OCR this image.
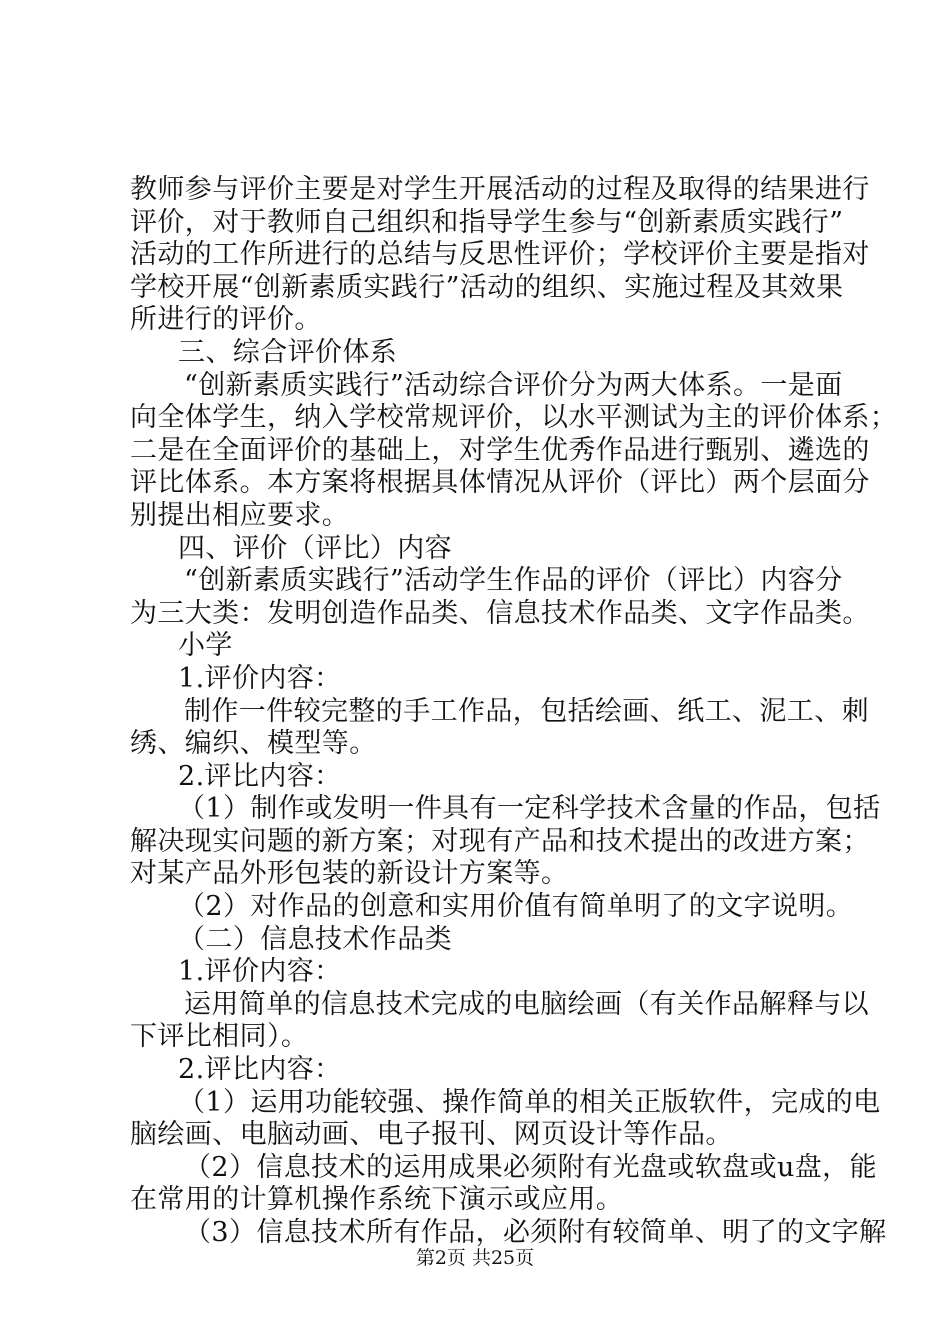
教师参与评价主要是对学生开展活动的过程及取得的结果进行

评价，对于教师自己组织和指导学生参与“创新素质实践行”

活动的工作所进行的总结与反思性评价；学校评价主要是指对

学校开展“创新素质实践行”活动的组织、实施过程及其效果

所进行的评价。

三、综合评价体系

“创新素质实践行”活动综合评价分为两大体系。一是面

向全体学生，纳入学校常规评价，以水平测试为主的评价体系；

二是在全面评价的基础上，对学生优秀作品进行甄别、遴选的

评比体系。本方案将根据具体情况从评价（评比）两个层面分

别提出相应要求。

四、评价（评比）内容

“创新素质实践行”活动学生作品的评价（评比）内容分

为三大类：发明创造作品类、信息技术作品类、文字作品类。

小学

1.评价内容：

制作一件较完整的手工作品，包括绘画、纸工、泥工、刺

绣、编织、模型等。

2.评比内容：

（1）制作或发明一件具有一定科学技术含量的作品，包括

解决现实问题的新方案；对现有产品和技术提出的改进方案；

对某产品外形包装的新设计方案等。

（2）对作品的创意和实用价值有简单明了的文字说明。

（二）信息技术作品类

1.评价内容：

运用简单的信息技术完成的电脑绘画（有关作品解释与以

下评比相同）。

2.评比内容：

（1）运用功能较强、操作简单的相关正版软件，完成的电

脑绘画、电脑动画、电子报刊、网页设计等作品。

（2）信息技术的运用成果必须附有光盘或软盘或u盘，能

在常用的计算机操作系统下演示或应用。

（3）信息技术所有作品，必须附有较简单、明了的文字解

第2页 共25页
